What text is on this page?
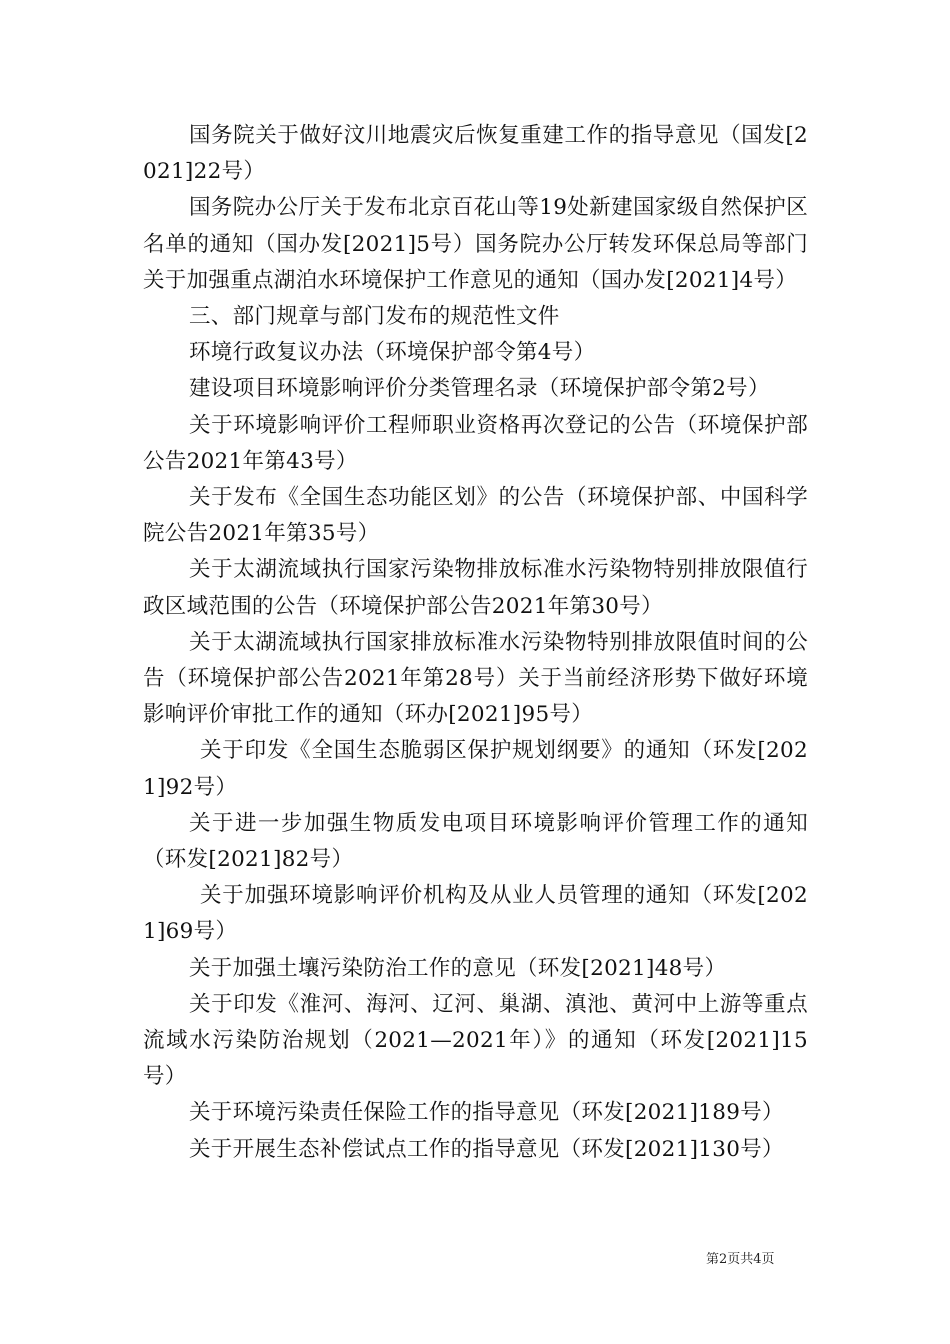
国务院关于做好汶川地震灾后恢复重建工作的指导意见（国发[2021]22号）

国务院办公厅关于发布北京百花山等19处新建国家级自然保护区名单的通知（国办发[2021]5号）国务院办公厅转发环保总局等部门关于加强重点湖泊水环境保护工作意见的通知（国办发[2021]4号）

三、部门规章与部门发布的规范性文件

环境行政复议办法（环境保护部令第4号）

建设项目环境影响评价分类管理名录（环境保护部令第2号）

关于环境影响评价工程师职业资格再次登记的公告（环境保护部公告2021年第43号）

关于发布《全国生态功能区划》的公告（环境保护部、中国科学院公告2021年第35号）

关于太湖流域执行国家污染物排放标准水污染物特别排放限值行政区域范围的公告（环境保护部公告2021年第30号）

关于太湖流域执行国家排放标准水污染物特别排放限值时间的公告（环境保护部公告2021年第28号）关于当前经济形势下做好环境影响评价审批工作的通知（环办[2021]95号）

关于印发《全国生态脆弱区保护规划纲要》的通知（环发[2021]92号）

关于进一步加强生物质发电项目环境影响评价管理工作的通知（环发[2021]82号）

关于加强环境影响评价机构及从业人员管理的通知（环发[2021]69号）

关于加强土壤污染防治工作的意见（环发[2021]48号）

关于印发《淮河、海河、辽河、巢湖、滇池、黄河中上游等重点流域水污染防治规划（2021—2021年）》的通知（环发[2021]15号）

关于环境污染责任保险工作的指导意见（环发[2021]189号）

关于开展生态补偿试点工作的指导意见（环发[2021]130号）

第2页共4页
